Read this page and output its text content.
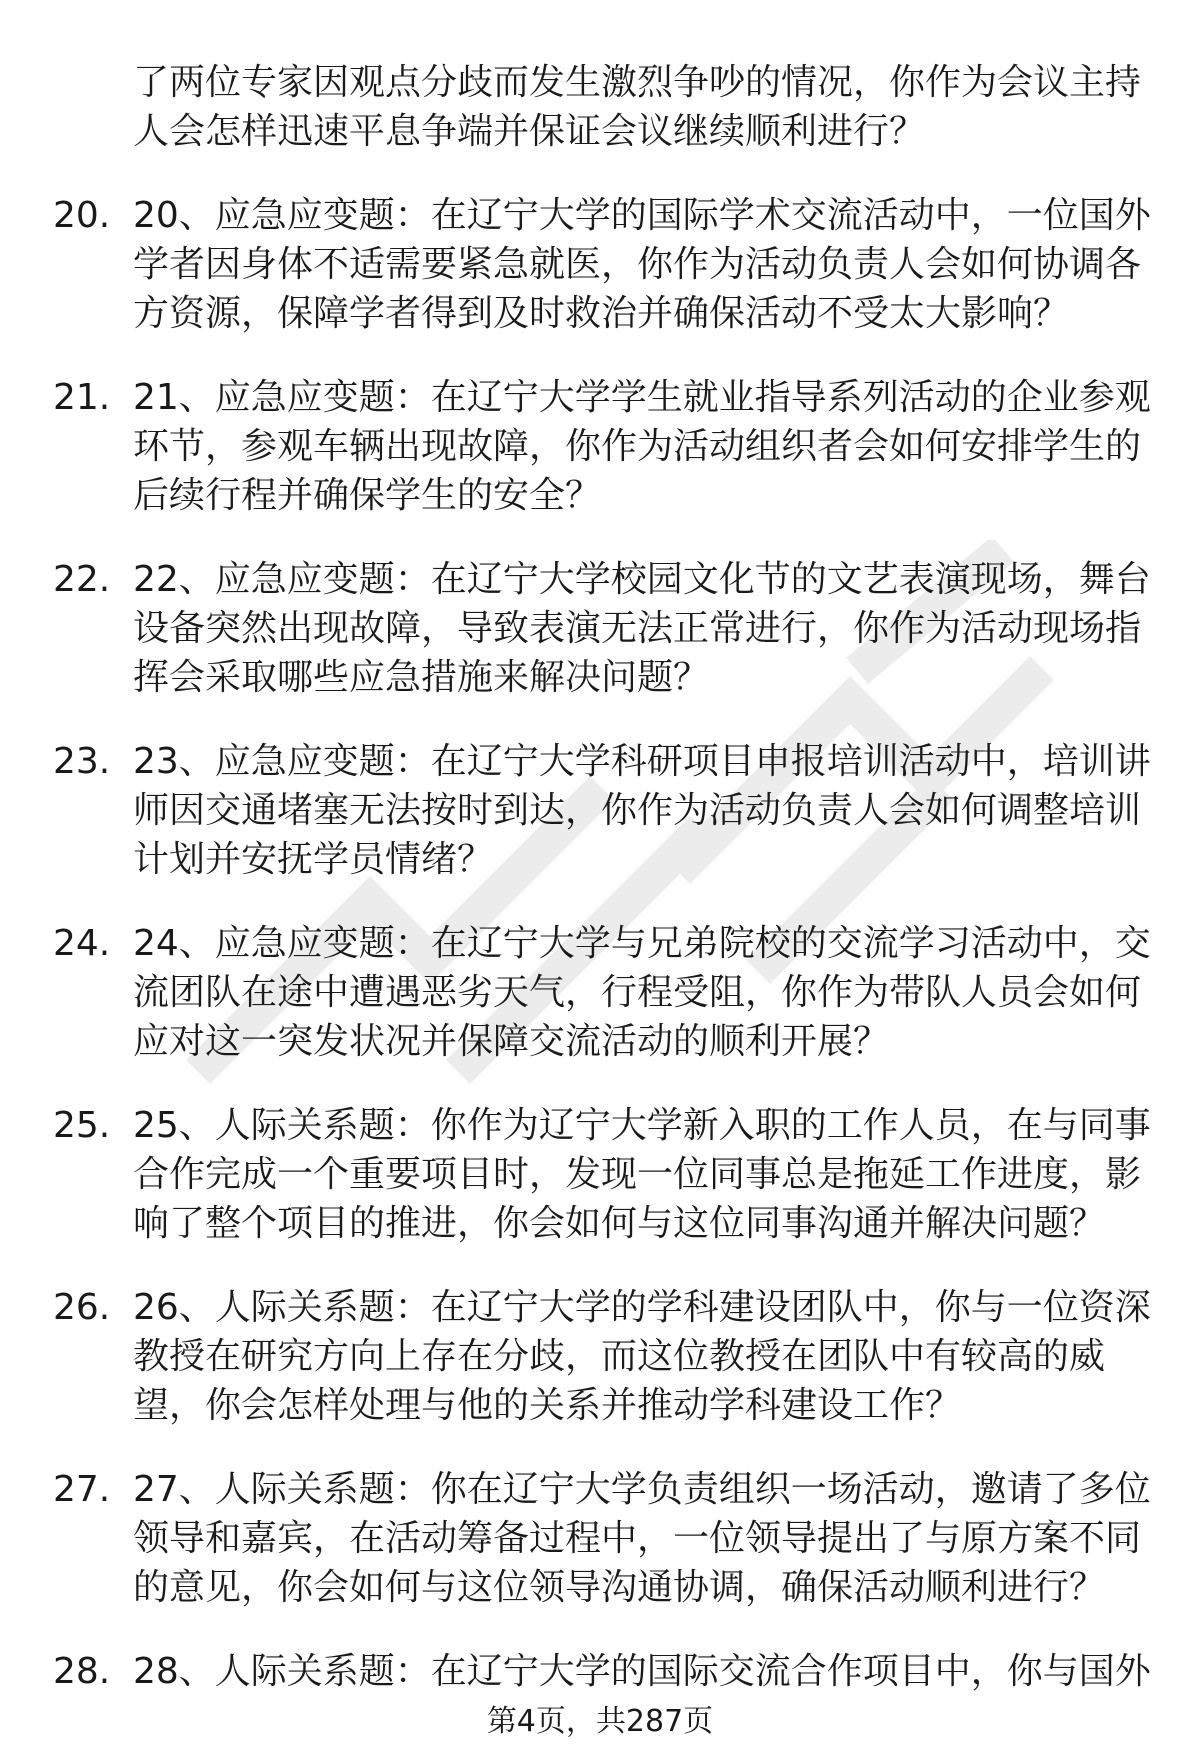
了两位专家因观点分歧而发生激烈争吵的情况，你作为会议主持人会怎样迅速平息争端并保证会议继续顺利进行？
20. 20、应急应变题：在辽宁大学的国际学术交流活动中，一位国外学者因身体不适需要紧急就医，你作为活动负责人会如何协调各方资源，保障学者得到及时救治并确保活动不受太大影响？
21. 21、应急应变题：在辽宁大学学生就业指导系列活动的企业参观环节，参观车辆出现故障，你作为活动组织者会如何安排学生的后续行程并确保学生的安全？
22. 22、应急应变题：在辽宁大学校园文化节的文艺表演现场，舞台设备突然出现故障，导致表演无法正常进行，你作为活动现场指挥会采取哪些应急措施来解决问题？
23. 23、应急应变题：在辽宁大学科研项目申报培训活动中，培训讲师因交通堵塞无法按时到达，你作为活动负责人会如何调整培训计划并安抚学员情绪？
24. 24、应急应变题：在辽宁大学与兄弟院校的交流学习活动中，交流团队在途中遭遇恶劣天气，行程受阻，你作为带队人员会如何应对这一突发状况并保障交流活动的顺利开展？
25. 25、人际关系题：你作为辽宁大学新入职的工作人员，在与同事合作完成一个重要项目时，发现一位同事总是拖延工作进度，影响了整个项目的推进，你会如何与这位同事沟通并解决问题？
26. 26、人际关系题：在辽宁大学的学科建设团队中，你与一位资深教授在研究方向上存在分歧，而这位教授在团队中有较高的威望，你会怎样处理与他的关系并推动学科建设工作？
27. 27、人际关系题：你在辽宁大学负责组织一场活动，邀请了多位领导和嘉宾，在活动筹备过程中，一位领导提出了与原方案不同的意见，你会如何与这位领导沟通协调，确保活动顺利进行？
28. 28、人际关系题：在辽宁大学的国际交流合作项目中，你与国外
第4页，共287页
